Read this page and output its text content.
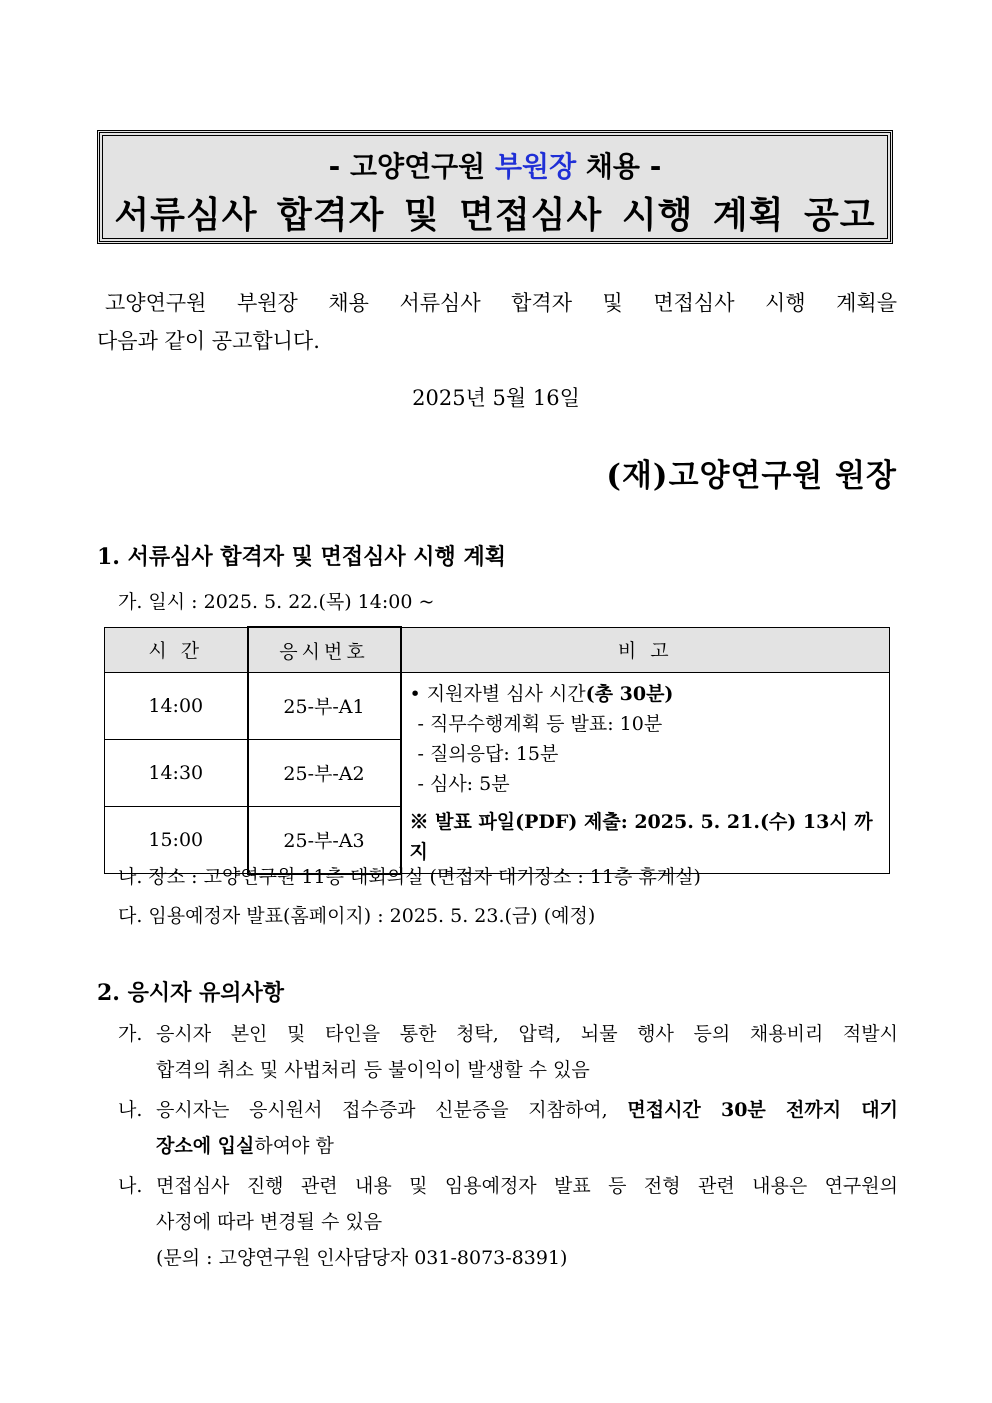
- 고양연구원 부원장 채용 -
서류심사 합격자 및 면접심사 시행 계획 공고
고양연구원 부원장 채용 서류심사 합격자 및 면접심사 시행 계획을
다음과 같이 공고합니다.
2025년 5월 16일
(재)고양연구원 원장
1. 서류심사 합격자 및 면접심사 시행 계획
가. 일시 : 2025. 5. 22.(목) 14:00 ~
시 간	응시번호	비 고
14:00	25-부-A1	• 지원자별 심사 시간(총 30분)
- 직무수행계획 등 발표: 10분
- 질의응답: 15분
- 심사: 5분
※ 발표 파일(PDF) 제출: 2025. 5. 21.(수) 13시 까지

14:30	25-부-A2	
15:00	25-부-A3	
나. 장소 : 고양연구원 11층 대회의실 (면접자 대기장소 : 11층 휴게실)
다. 임용예정자 발표(홈페이지) : 2025. 5. 23.(금) (예정)
2. 응시자 유의사항
가. 응시자 본인 및 타인을 통한 청탁, 압력, 뇌물 행사 등의 채용비리 적발시
합격의 취소 및 사법처리 등 불이익이 발생할 수 있음
나. 응시자는 응시원서 접수증과 신분증을 지참하여, 면접시간 30분 전까지 대기
장소에 입실하여야 함
나. 면접심사 진행 관련 내용 및 임용예정자 발표 등 전형 관련 내용은 연구원의
사정에 따라 변경될 수 있음
(문의 : 고양연구원 인사담당자 031-8073-8391)
